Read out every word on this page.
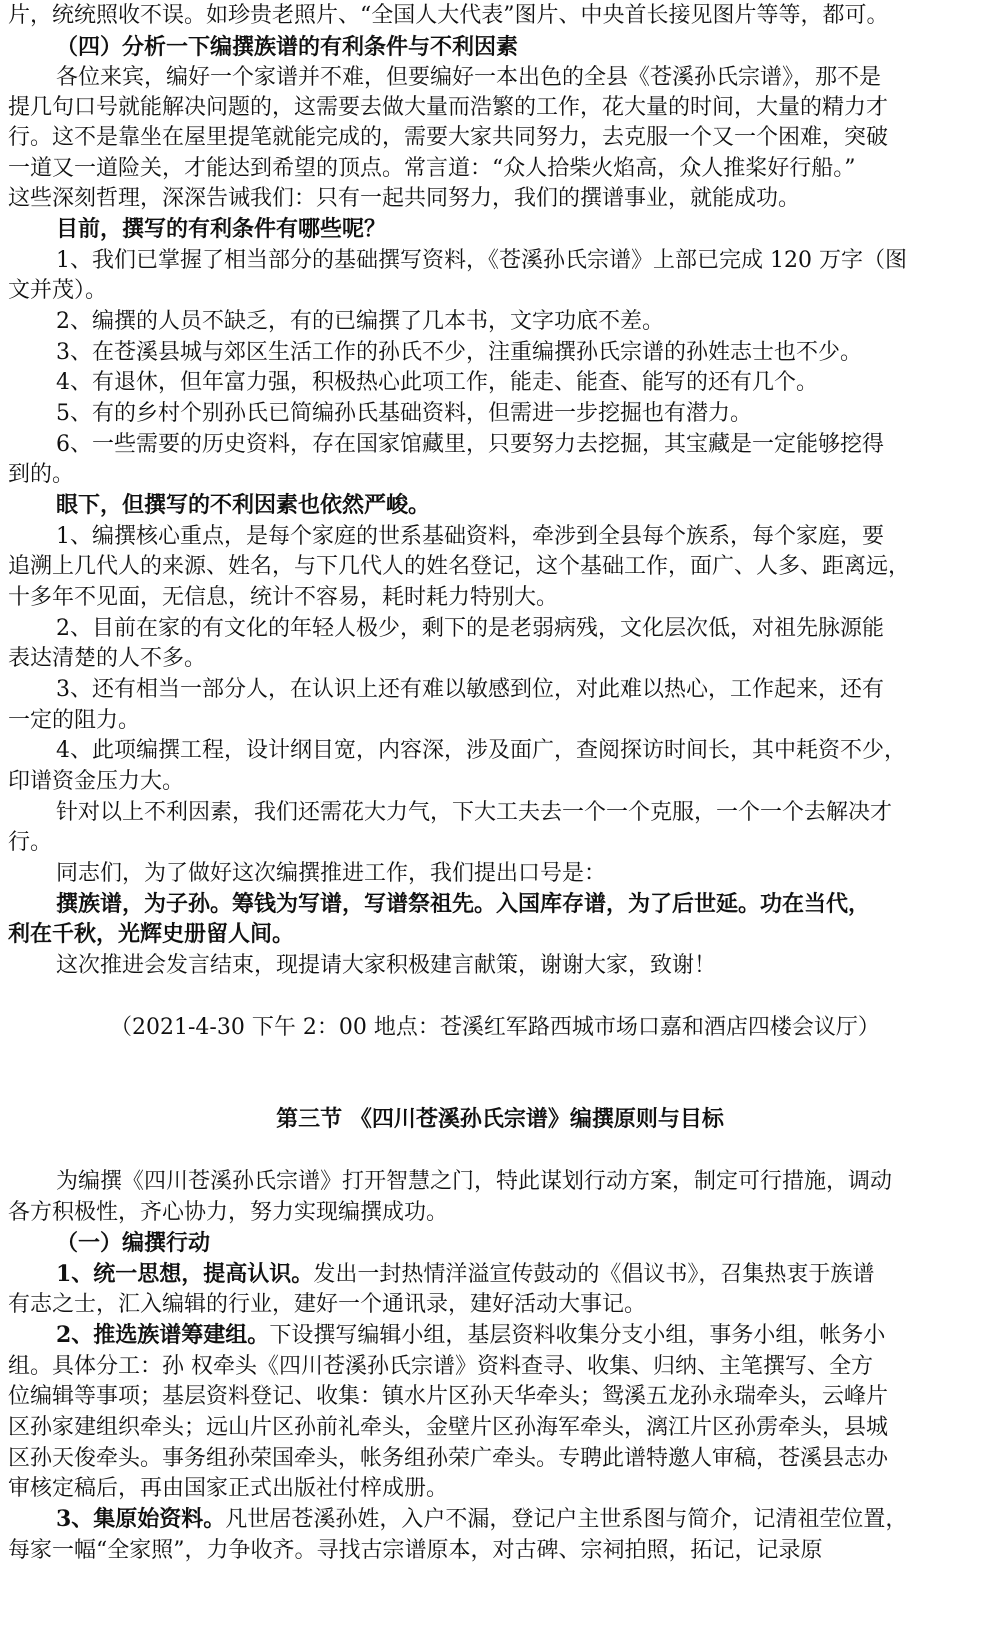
片，统统照收不误。如珍贵老照片、“全国人大代表”图片、中央首长接见图片等等，都可。
（四）分析一下编撰族谱的有利条件与不利因素
各位来宾，编好一个家谱并不难，但要编好一本出色的全县《苍溪孙氏宗谱》，那不是
提几句口号就能解决问题的，这需要去做大量而浩繁的工作，花大量的时间，大量的精力才
行。这不是靠坐在屋里提笔就能完成的，需要大家共同努力，去克服一个又一个困难，突破
一道又一道险关，才能达到希望的顶点。常言道：“众人拾柴火焰高，众人推桨好行船。”
这些深刻哲理，深深告诫我们：只有一起共同努力，我们的撰谱事业，就能成功。
目前，撰写的有利条件有哪些呢？
1、我们已掌握了相当部分的基础撰写资料，《苍溪孙氏宗谱》上部已完成 120 万字（图
文并茂）。
2、编撰的人员不缺乏，有的已编撰了几本书，文字功底不差。
3、在苍溪县城与郊区生活工作的孙氏不少，注重编撰孙氏宗谱的孙姓志士也不少。
4、有退休，但年富力强，积极热心此项工作，能走、能查、能写的还有几个。
5、有的乡村个别孙氏已简编孙氏基础资料，但需进一步挖掘也有潜力。
6、一些需要的历史资料，存在国家馆藏里，只要努力去挖掘，其宝藏是一定能够挖得
到的。
眼下，但撰写的不利因素也依然严峻。
1、编撰核心重点，是每个家庭的世系基础资料，牵涉到全县每个族系，每个家庭，要
追溯上几代人的来源、姓名，与下几代人的姓名登记，这个基础工作，面广、人多、距离远，
十多年不见面，无信息，统计不容易，耗时耗力特别大。
2、目前在家的有文化的年轻人极少，剩下的是老弱病残，文化层次低，对祖先脉源能
表达清楚的人不多。
3、还有相当一部分人，在认识上还有难以敏感到位，对此难以热心，工作起来，还有
一定的阻力。
4、此项编撰工程，设计纲目宽，内容深，涉及面广，查阅探访时间长，其中耗资不少，
印谱资金压力大。
针对以上不利因素，我们还需花大力气，下大工夫去一个一个克服，一个一个去解决才
行。
同志们，为了做好这次编撰推进工作，我们提出口号是：
撰族谱，为子孙。筹钱为写谱，写谱祭祖先。入国库存谱，为了后世延。功在当代，
利在千秋，光辉史册留人间。
这次推进会发言结束，现提请大家积极建言献策，谢谢大家，致谢！
（2021-4-30 下午 2：00 地点：苍溪红军路西城市场口嘉和酒店四楼会议厅）
第三节 《四川苍溪孙氏宗谱》编撰原则与目标
为编撰《四川苍溪孙氏宗谱》打开智慧之门，特此谋划行动方案，制定可行措施，调动
各方积极性，齐心协力，努力实现编撰成功。
（一）编撰行动
1、统一思想，提高认识。发出一封热情洋溢宣传鼓动的《倡议书》，召集热衷于族谱
有志之士，汇入编辑的行业，建好一个通讯录，建好活动大事记。
2、推选族谱筹建组。下设撰写编辑小组，基层资料收集分支小组，事务小组，帐务小
组。具体分工：孙 权牵头《四川苍溪孙氏宗谱》资料查寻、收集、归纳、主笔撰写、全方
位编辑等事项；基层资料登记、收集：镇水片区孙天华牵头；鸳溪五龙孙永瑞牵头，云峰片
区孙家建组织牵头；远山片区孙前礼牵头，金壁片区孙海军牵头，漓江片区孙雳牵头，县城
区孙天俊牵头。事务组孙荣国牵头，帐务组孙荣广牵头。专聘此谱特邀人审稿，苍溪县志办
审核定稿后，再由国家正式出版社付梓成册。
3、集原始资料。凡世居苍溪孙姓，入户不漏，登记户主世系图与简介，记清祖茔位置，
每家一幅“全家照”，力争收齐。寻找古宗谱原本，对古碑、宗祠拍照，拓记，记录原
